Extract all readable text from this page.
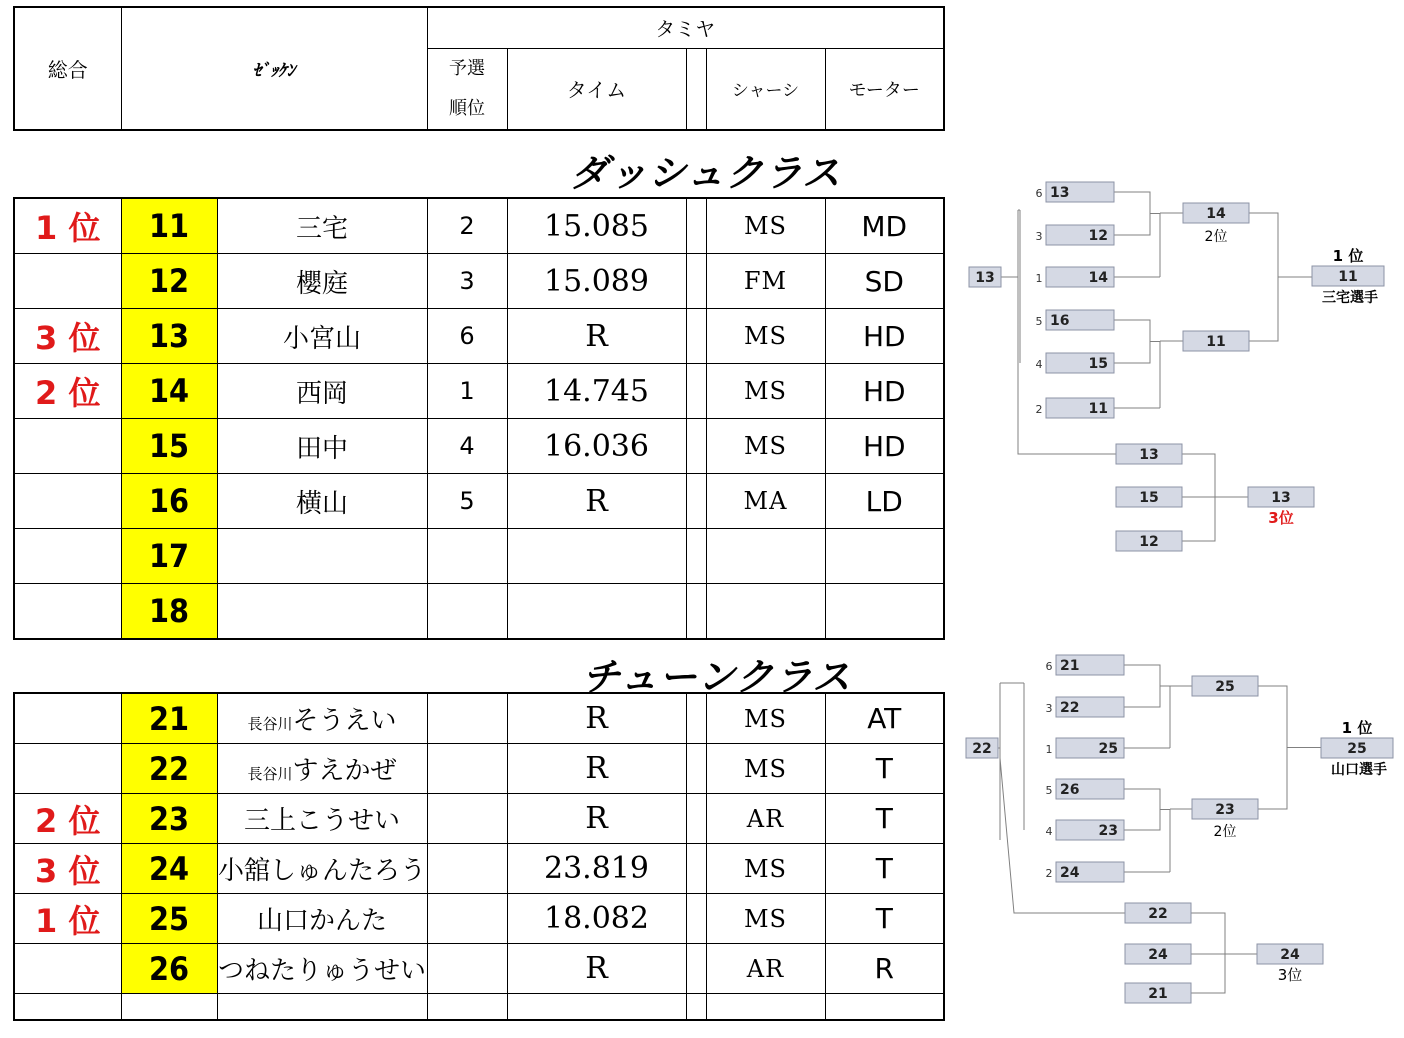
総合	ｾﾞｯｹﾝ	タミヤ				

		予選
順位	タイム		シャーシ	モーター
ダッシュクラス
1 位	11	三宅	2	15.085		MS	MD
	12	櫻庭	3	15.089		FM	SD
3 位	13	小宮山	6	R		MS	HD
2 位	14	西岡	1	14.745		MS	HD
	15	田中	4	16.036		MS	HD
	16	横山	5	R		MA	LD
	17						
	18						
チューンクラス
	21	長谷川そうえい		R		MS	AT
	22	長谷川すえかぜ		R		MS	T
2 位	23	三上こうせい		R		AR	T
3 位	24	小舘しゅんたろう		23.819		MS	T
1 位	25	山口かんた		18.082		MS	T
	26	つねたりゅうせい		R		AR	R

13
6
12
3
14
1
16
5
15
4
11
2
14
11
13	11
1 位
三宅選手
13
15
12
13
3位
21
6
22
3
25
1
26
5
23
4
24
2
25
23
22	25
1 位
山口選手
22
24
21
24
3位
2位
2位
